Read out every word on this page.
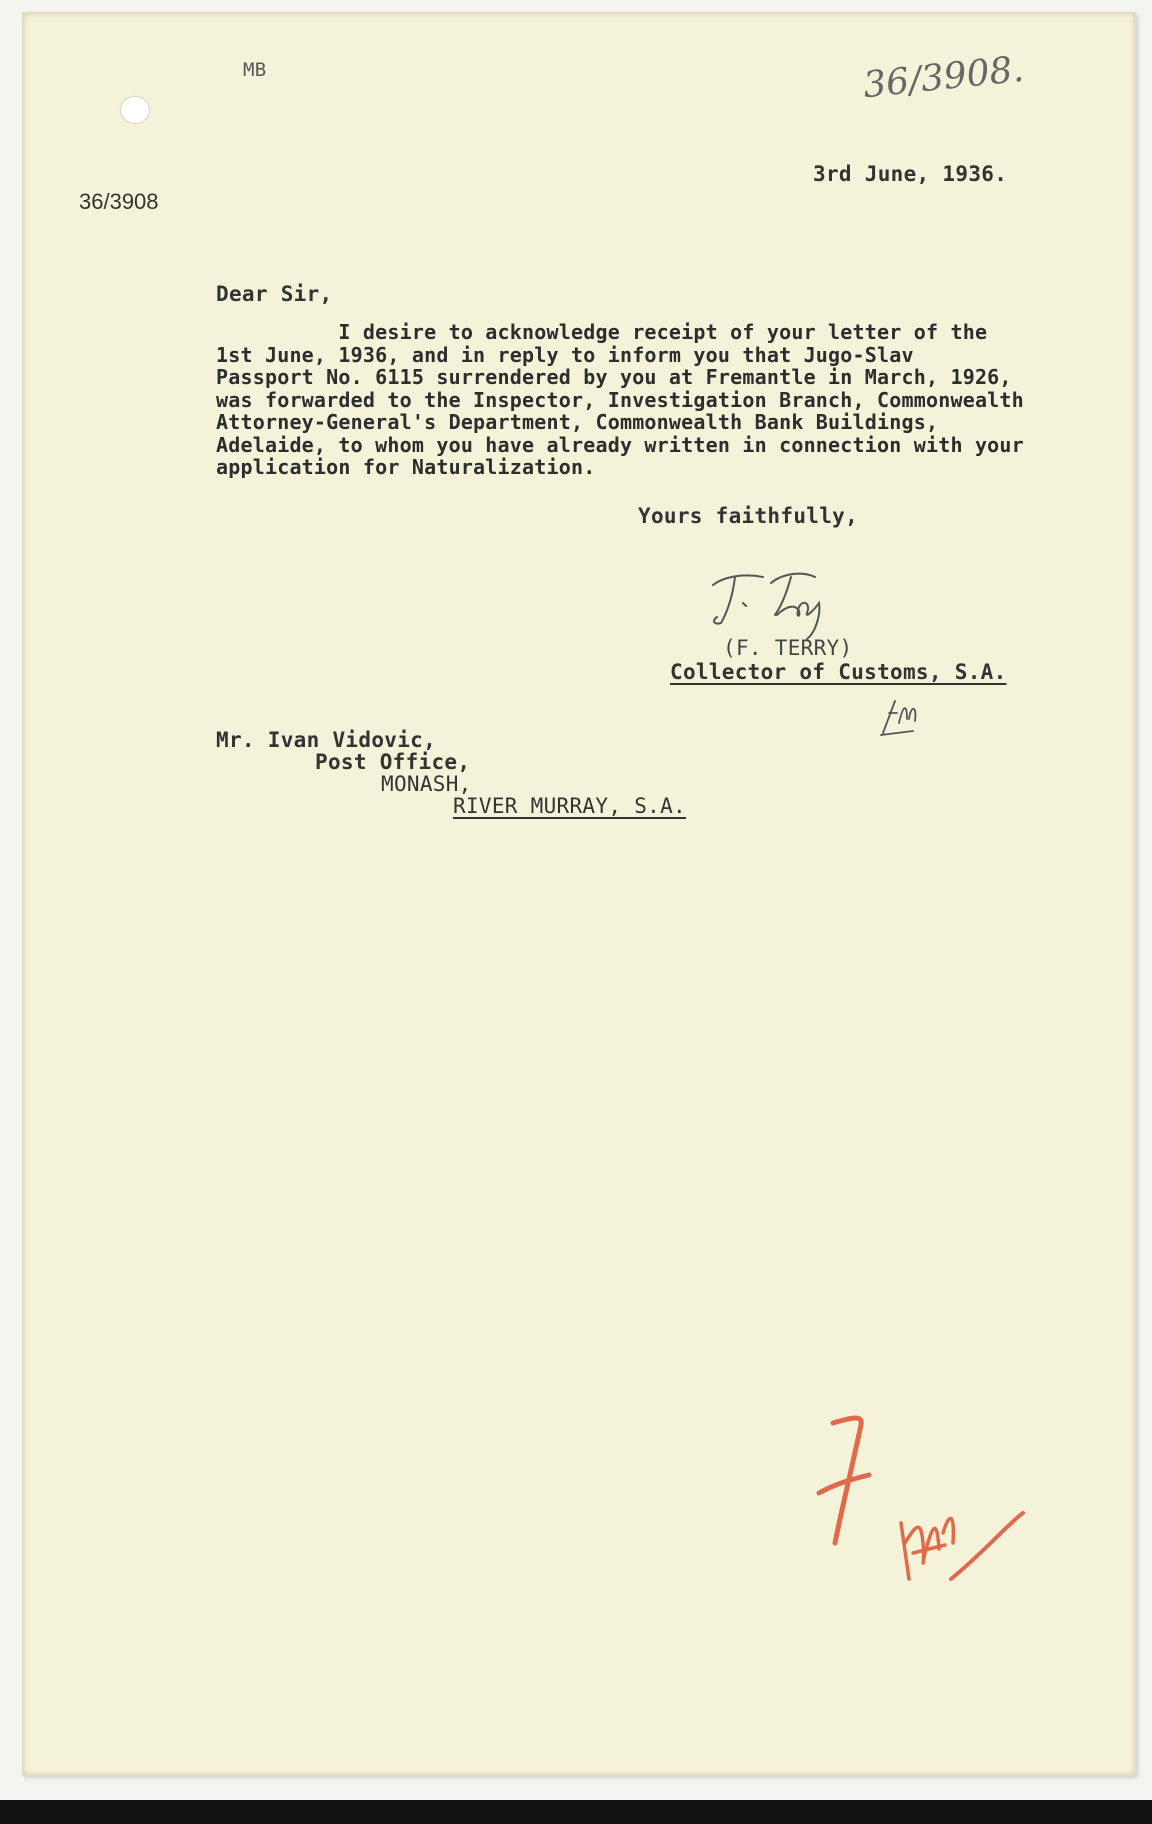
MB	36/3908.
36/3908
3rd June, 1936.
Dear Sir,
I desire to acknowledge receipt of your letter of the
1st June, 1936, and in reply to inform you that Jugo-Slav
Passport No. 6115 surrendered by you at Fremantle in March, 1926,
was forwarded to the Inspector, Investigation Branch, Commonwealth
Attorney-General's Department, Commonwealth Bank Buildings,
Adelaide, to whom you have already written in connection with your
application for Naturalization.
Yours faithfully,
(F. TERRY)
Collector of Customs, S.A.
Mr. Ivan Vidovic,
Post Office,
MONASH,
RIVER MURRAY, S.A.
